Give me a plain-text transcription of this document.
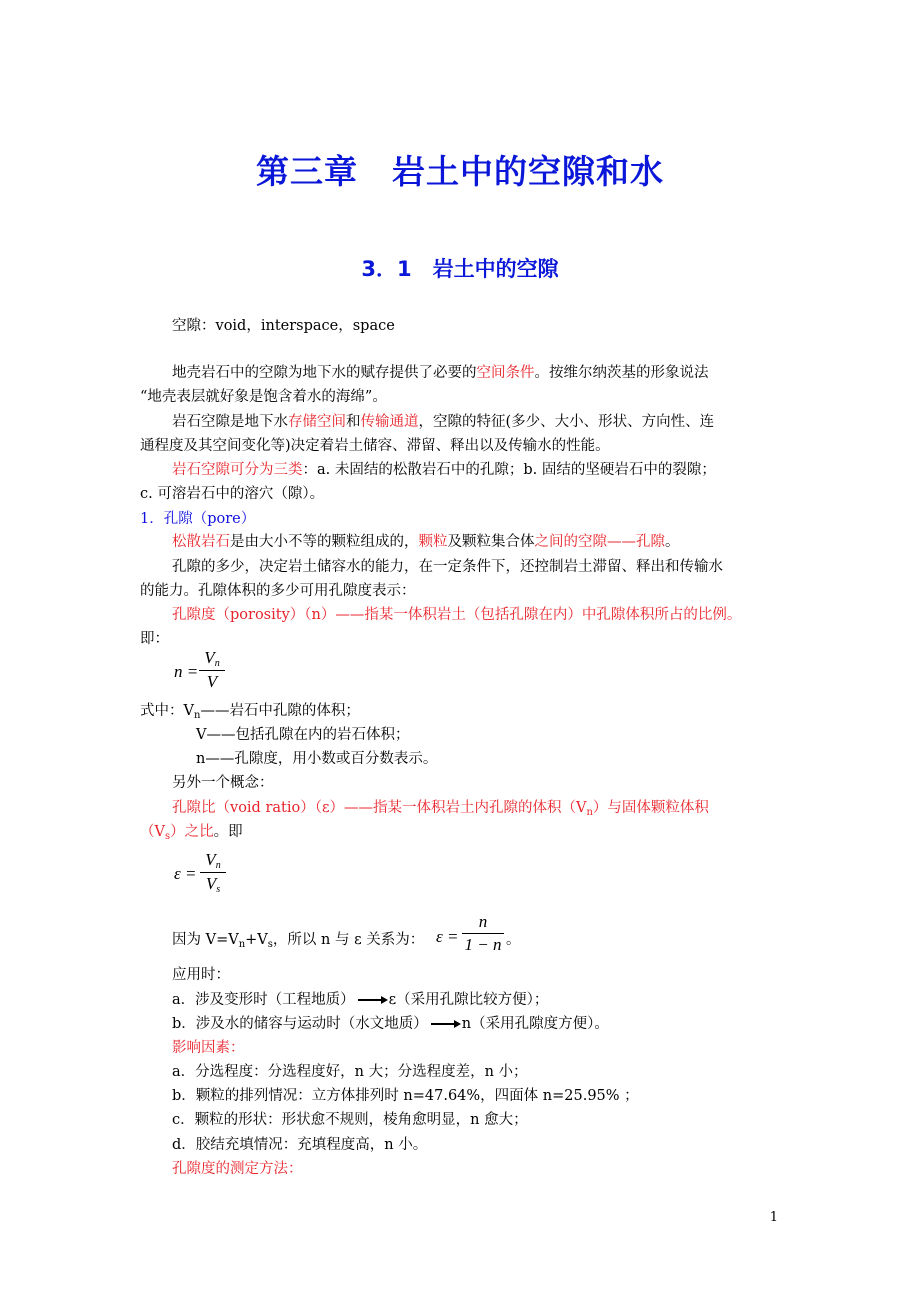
第三章　岩土中的空隙和水
3．1　岩土中的空隙
空隙：void，interspace，space
地壳岩石中的空隙为地下水的赋存提供了必要的空间条件。按维尔纳茨基的形象说法
“地壳表层就好象是饱含着水的海绵”。
岩石空隙是地下水存储空间和传输通道，空隙的特征(多少、大小、形状、方向性、连
通程度及其空间变化等)决定着岩土储容、滞留、释出以及传输水的性能。
岩石空隙可分为三类：a. 未固结的松散岩石中的孔隙；b. 固结的坚硬岩石中的裂隙；
c. 可溶岩石中的溶穴（隙）。
1．孔隙（pore）
松散岩石是由大小不等的颗粒组成的，颗粒及颗粒集合体之间的空隙——孔隙。
孔隙的多少，决定岩土储容水的能力，在一定条件下，还控制岩土滞留、释出和传输水
的能力。孔隙体积的多少可用孔隙度表示：
孔隙度（porosity）（n）——指某一体积岩土（包括孔隙在内）中孔隙体积所占的比例。
即：
n =
$V_n$
V
式中：$V_n——$岩石中孔隙的体积；
V——包括孔隙在内的岩石体积；
n——孔隙度，用小数或百分数表示。
另外一个概念：
孔隙比（void ratio）（ε）——指某一体积岩土内孔隙的体积$(V_n)$与固体颗粒体积
$(V_s)$之比。即
ε =
$V_n$
$V_s$
因为 $V=V_n+V_s$，所以 n 与 ε 关系为： ε =
n
1 − n 。
应用时：
a．涉及变形时（工程地质） ε（采用孔隙比较方便）；
b．涉及水的储容与运动时（水文地质） n（采用孔隙度方便）。
影响因素：
a．分选程度：分选程度好，n 大；分选程度差，n 小；
b．颗粒的排列情况：立方体排列时 n=47.64%，四面体 n=25.95% ；
c．颗粒的形状：形状愈不规则，棱角愈明显，n 愈大；
d．胶结充填情况：充填程度高，n 小。
孔隙度的测定方法：
1
